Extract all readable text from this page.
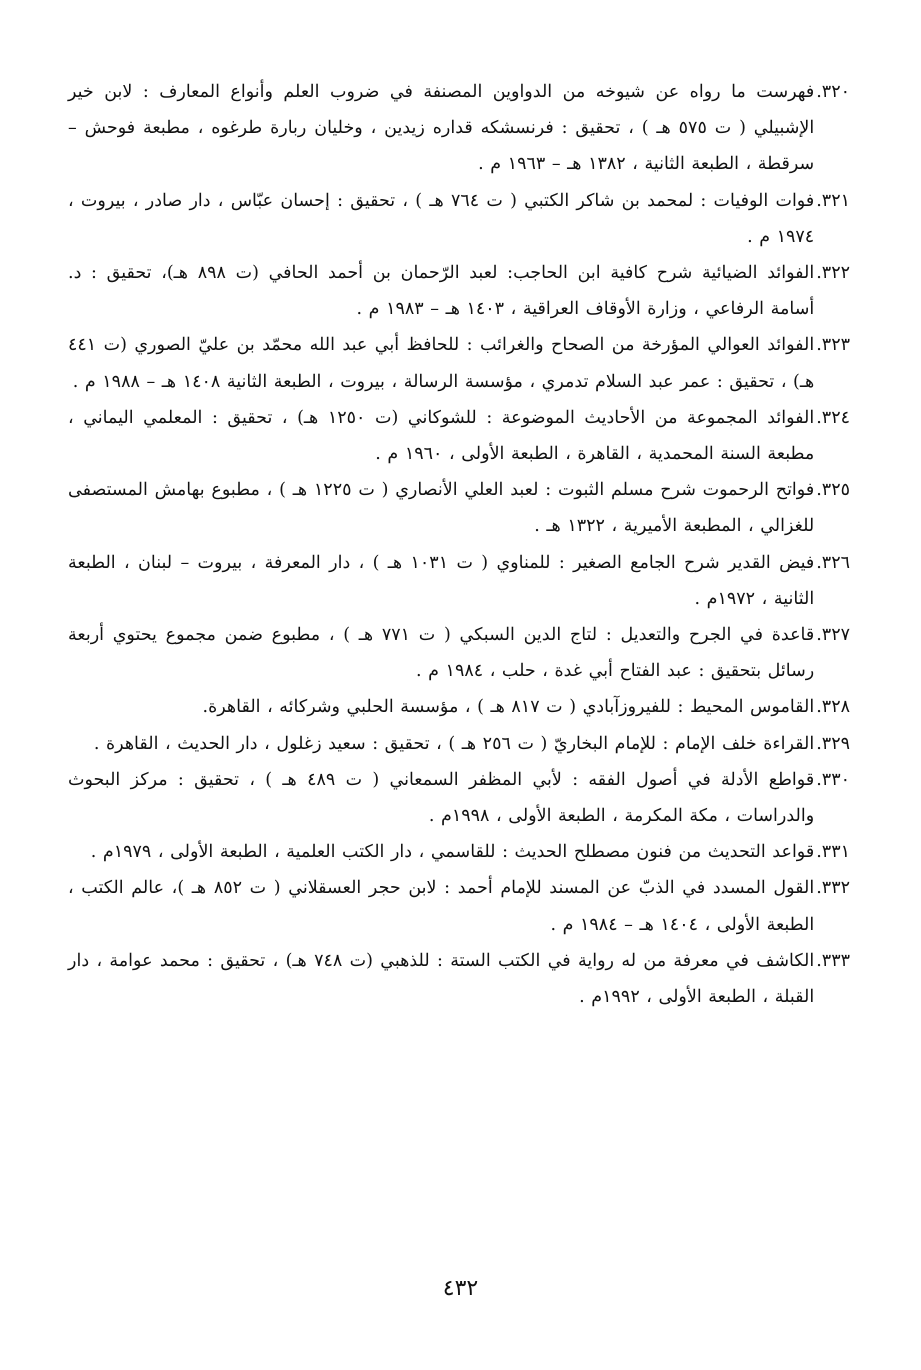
٣٢٠.
فهرست ما رواه عن شيوخه من الدواوين المصنفة في ضروب العلم وأنواع المعارف : لابن خير الإشبيلي ( ت ٥٧٥ هـ ) ، تحقيق : فرنسشكه قداره زيدين ، وخليان ربارة طرغوه ، مطبعة فوحش – سرقطة ، الطبعة الثانية ، ١٣٨٢ هـ – ١٩٦٣ م .
٣٢١.
فوات الوفيات : لمحمد بن شاكر الكتبي ( ت ٧٦٤ هـ ) ، تحقيق : إحسان عبّاس ، دار صادر ، بيروت ، ١٩٧٤ م .
٣٢٢.
الفوائد الضيائية شرح كافية ابن الحاجب: لعبد الرّحمان بن أحمد الحافي (ت ٨٩٨ هـ)، تحقيق : د. أسامة الرفاعي ، وزارة الأوقاف العراقية ، ١٤٠٣ هـ – ١٩٨٣ م .
٣٢٣.
الفوائد العوالي المؤرخة من الصحاح والغرائب : للحافظ أبي عبد الله محمّد بن عليّ الصوري (ت ٤٤١ هـ) ، تحقيق : عمر عبد السلام تدمري ، مؤسسة الرسالة ، بيروت ، الطبعة الثانية ١٤٠٨ هـ – ١٩٨٨ م .
٣٢٤.
الفوائد المجموعة من الأحاديث الموضوعة : للشوكاني (ت ١٢٥٠ هـ) ، تحقيق : المعلمي اليماني ، مطبعة السنة المحمدية ، القاهرة ، الطبعة الأولى ، ١٩٦٠ م .
٣٢٥.
فواتح الرحموت شرح مسلم الثبوت : لعبد العلي الأنصاري ( ت ١٢٢٥ هـ ) ، مطبوع بهامش المستصفى للغزالي ، المطبعة الأميرية ، ١٣٢٢ هـ .
٣٢٦.
فيض القدير شرح الجامع الصغير : للمناوي ( ت ١٠٣١ هـ ) ، دار المعرفة ، بيروت – لبنان ، الطبعة الثانية ، ١٩٧٢م .
٣٢٧.
قاعدة في الجرح والتعديل : لتاج الدين السبكي ( ت ٧٧١ هـ ) ، مطبوع ضمن مجموع يحتوي أربعة رسائل بتحقيق : عبد الفتاح أبي غدة ، حلب ، ١٩٨٤ م .
٣٢٨.
القاموس المحيط : للفيروزآبادي ( ت ٨١٧ هـ ) ، مؤسسة الحلبي وشركائه ، القاهرة.
٣٢٩.
القراءة خلف الإمام : للإمام البخاريّ ( ت ٢٥٦ هـ ) ، تحقيق : سعيد زغلول ، دار الحديث ، القاهرة .
٣٣٠.
قواطع الأدلة في أصول الفقه : لأبي المظفر السمعاني ( ت ٤٨٩ هـ ) ، تحقيق : مركز البحوث والدراسات ، مكة المكرمة ، الطبعة الأولى ، ١٩٩٨م .
٣٣١.
قواعد التحديث من فنون مصطلح الحديث : للقاسمي ، دار الكتب العلمية ، الطبعة الأولى ، ١٩٧٩م .
٣٣٢.
القول المسدد في الذبّ عن المسند للإمام أحمد : لابن حجر العسقلاني ( ت ٨٥٢ هـ )، عالم الكتب ، الطبعة الأولى ، ١٤٠٤ هـ – ١٩٨٤ م .
٣٣٣.
الكاشف في معرفة من له رواية في الكتب الستة : للذهبي (ت ٧٤٨ هـ) ، تحقيق : محمد عوامة ، دار القبلة ، الطبعة الأولى ، ١٩٩٢م .
٤٣٢
